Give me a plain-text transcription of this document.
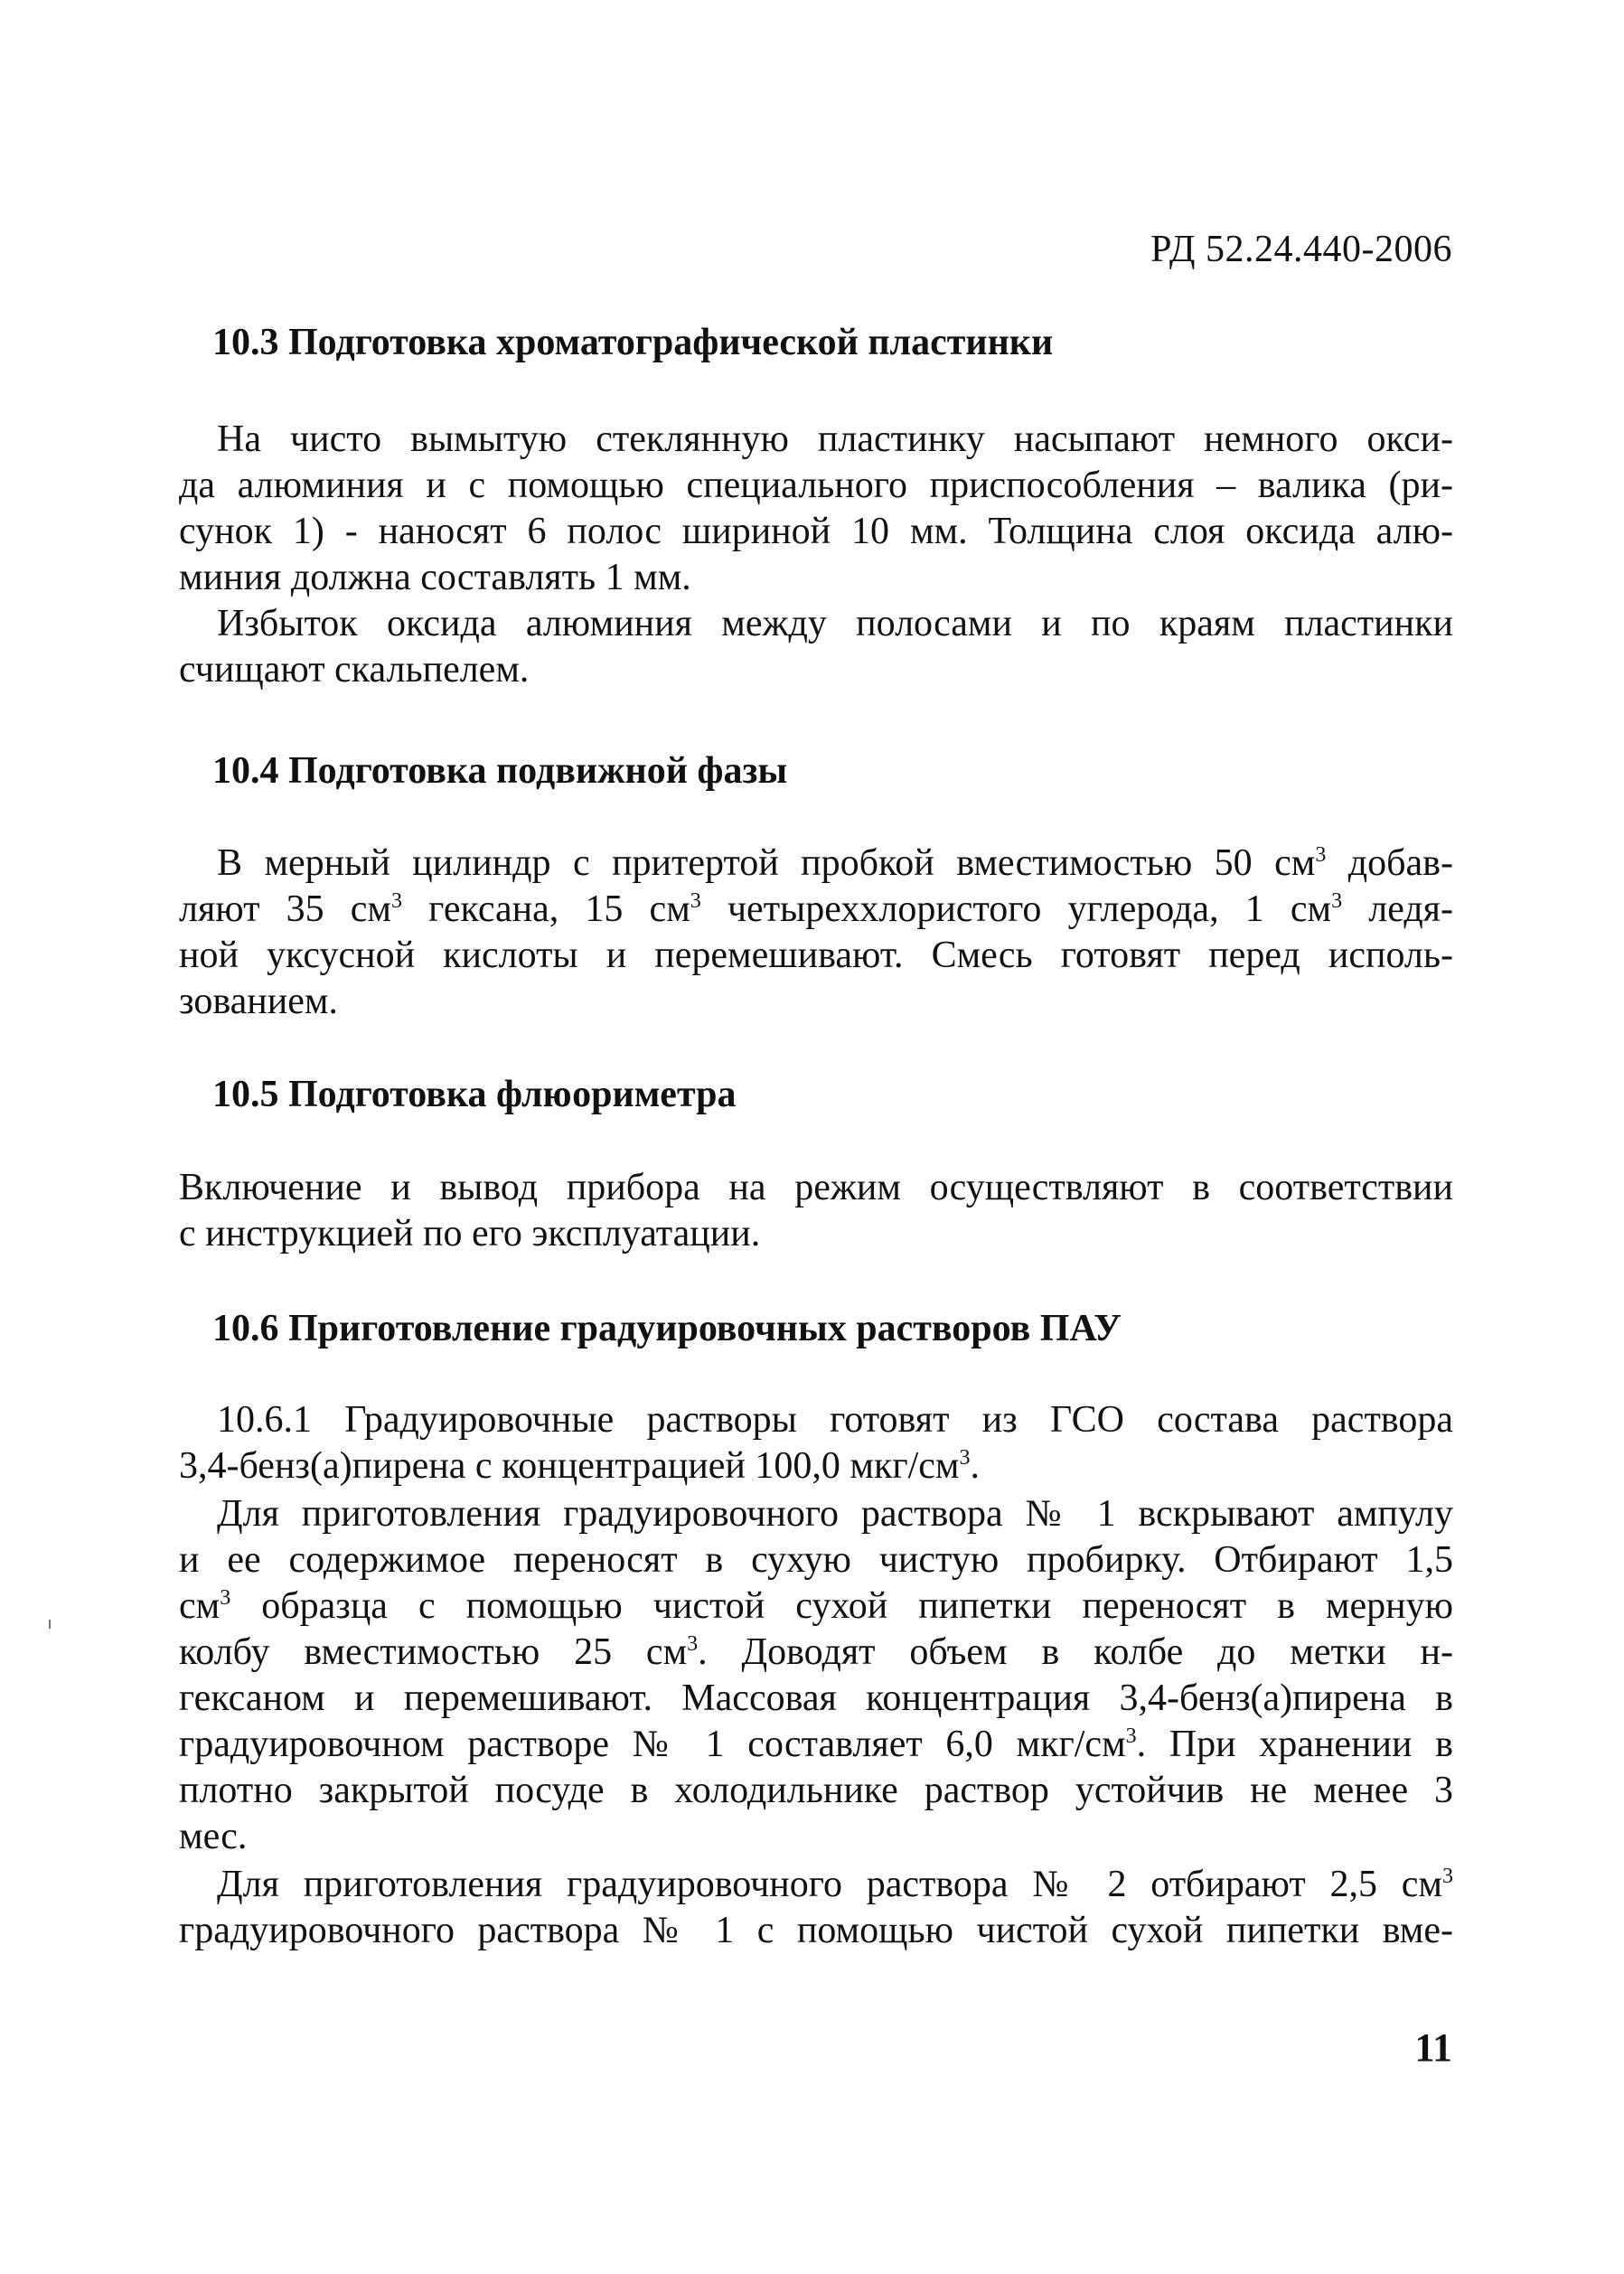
РД 52.24.440-2006
10.3 Подготовка хроматографической пластинки
На чисто вымытую стеклянную пластинку насыпают немного окси-
да алюминия и с помощью специального приспособления – валика (ри-
сунок 1) - наносят 6 полос шириной 10 мм. Толщина слоя оксида алю-
миния должна составлять 1 мм.
Избыток оксида алюминия между полосами и по краям пластинки
счищают скальпелем.
10.4 Подготовка подвижной фазы
В мерный цилиндр с притертой пробкой вместимостью 50 $см^3$ добав-
ляют 35 $см^3$ гексана, 15 $см^3$ четыреххлористого углерода, 1 $см^3$ ледя-
ной уксусной кислоты и перемешивают. Смесь готовят перед исполь-
зованием.
10.5 Подготовка флюориметра
Включение и вывод прибора на режим осуществляют в соответствии
с инструкцией по его эксплуатации.
10.6 Приготовление градуировочных растворов ПАУ
10.6.1 Градуировочные растворы готовят из ГСО состава раствора
3,4-бенз(а)пирена с концентрацией 100,0 мкг/$см^3$.
Для приготовления градуировочного раствора № 1 вскрывают ампулу
и ее содержимое переносят в сухую чистую пробирку. Отбирают 1,5
$см^3$ образца с помощью чистой сухой пипетки переносят в мерную
колбу вместимостью 25 $см^3$. Доводят объем в колбе до метки н-
гексаном и перемешивают. Массовая концентрация 3,4-бенз(а)пирена в
градуировочном растворе № 1 составляет 6,0 мкг/$см^3$. При хранении в
плотно закрытой посуде в холодильнике раствор устойчив не менее 3
мес.
Для приготовления градуировочного раствора № 2 отбирают 2,5 $см^3$
градуировочного раствора № 1 с помощью чистой сухой пипетки вме-
11
